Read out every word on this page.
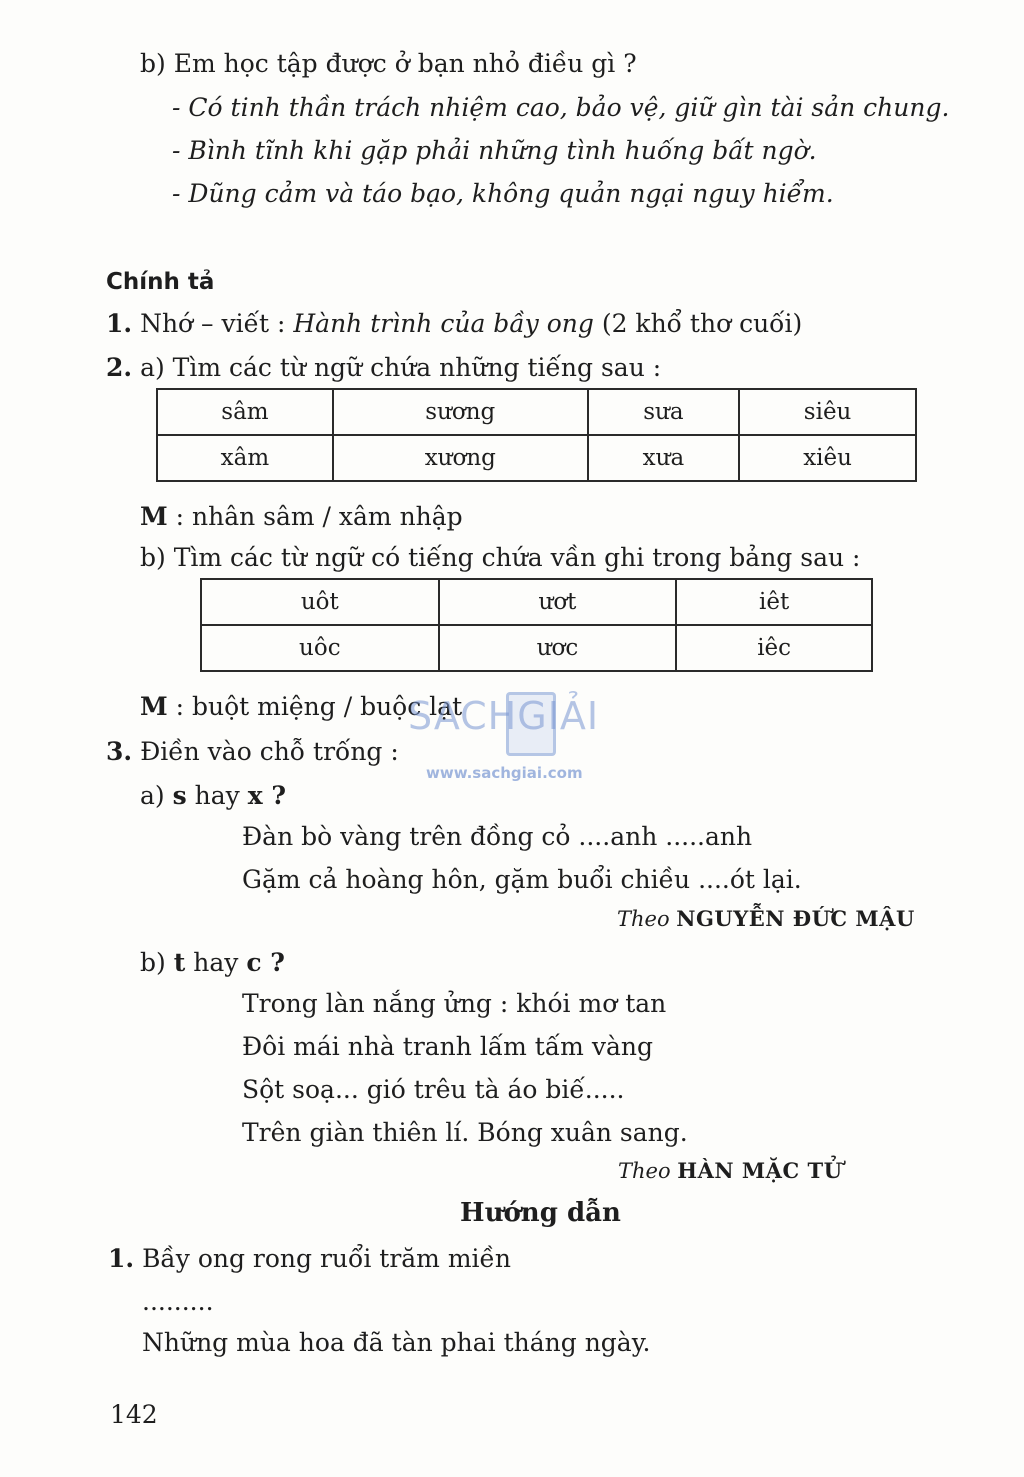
b) Em học tập được ở bạn nhỏ điều gì ?
- Có tinh thần trách nhiệm cao, bảo vệ, giữ gìn tài sản chung.
- Bình tĩnh khi gặp phải những tình huống bất ngờ.
- Dũng cảm và táo bạo, không quản ngại nguy hiểm.
Chính tả
1. Nhớ – viết : Hành trình của bầy ong (2 khổ thơ cuối)
2. a) Tìm các từ ngữ chứa những tiếng sau :
sâm	sương	sưa	siêu
xâm	xương	xưa	xiêu
M : nhân sâm / xâm nhập
b) Tìm các từ ngữ có tiếng chứa vần ghi trong bảng sau :
uôt	ươt	iêt
uôc	ươc	iêc
M : buột miệng / buộc lạt
3. Điền vào chỗ trống :
a) s hay x ?
Đàn bò vàng trên đồng cỏ ....anh .....anh
Gặm cả hoàng hôn, gặm buổi chiều ....ót lại.
Theo NGUYỄN ĐỨC MẬU
b) t hay c ?
Trong làn nắng ửng : khói mơ tan
Đôi mái nhà tranh lấm tấm vàng
Sột soạ... gió trêu tà áo biế.....
Trên giàn thiên lí. Bóng xuân sang.
Theo HÀN MẶC TỬ
Hướng dẫn
1. Bầy ong rong ruổi trăm miền
.........
Những mùa hoa đã tàn phai tháng ngày.
SACHGIẢI
www.sachgiai.com
142
